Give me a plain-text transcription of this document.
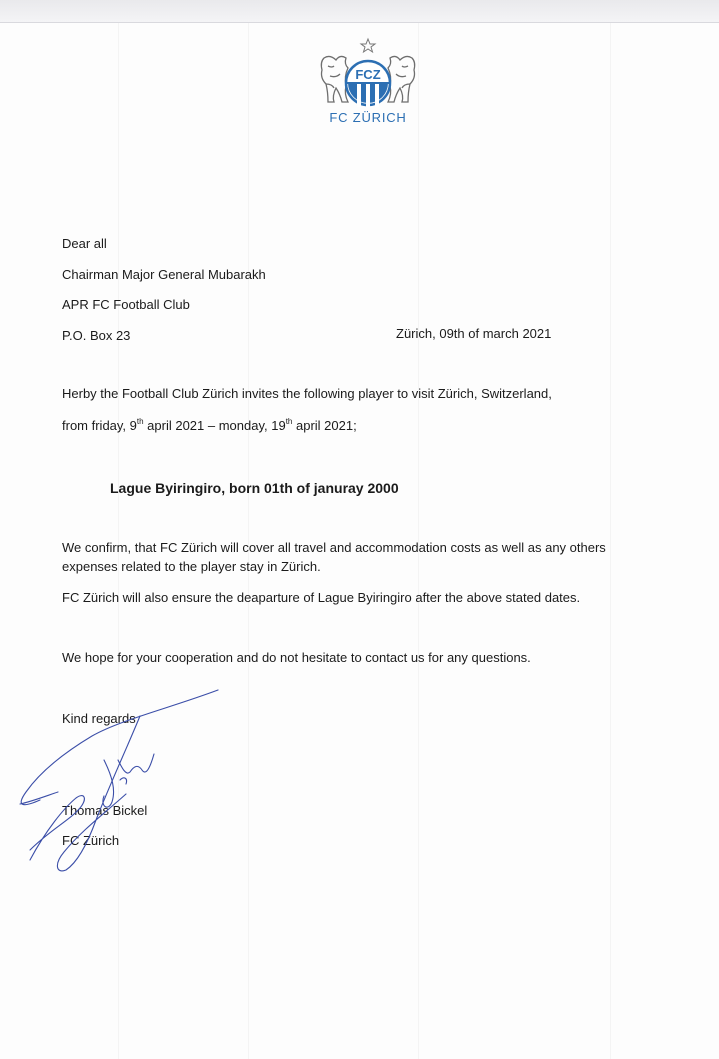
FCZ
FC ZÜRICH
Dear all
Chairman Major General Mubarakh
APR FC Football Club
P.O. Box 23	Zürich, 09th of march 2021
Herby the Football Club Zürich invites the following player to visit Zürich, Switzerland,
from friday, 9th april 2021 – monday, 19th april 2021;
Lague Byiringiro, born 01th of januray 2000
We confirm, that FC Zürich will cover all travel and accommodation costs as well as any others
expenses related to the player stay in Zürich.
FC Zürich will also ensure the deaparture of Lague Byiringiro after the above stated dates.
We hope for your cooperation and do not hesitate to contact us for any questions.
Kind regards
Thomas Bickel
FC Zürich
